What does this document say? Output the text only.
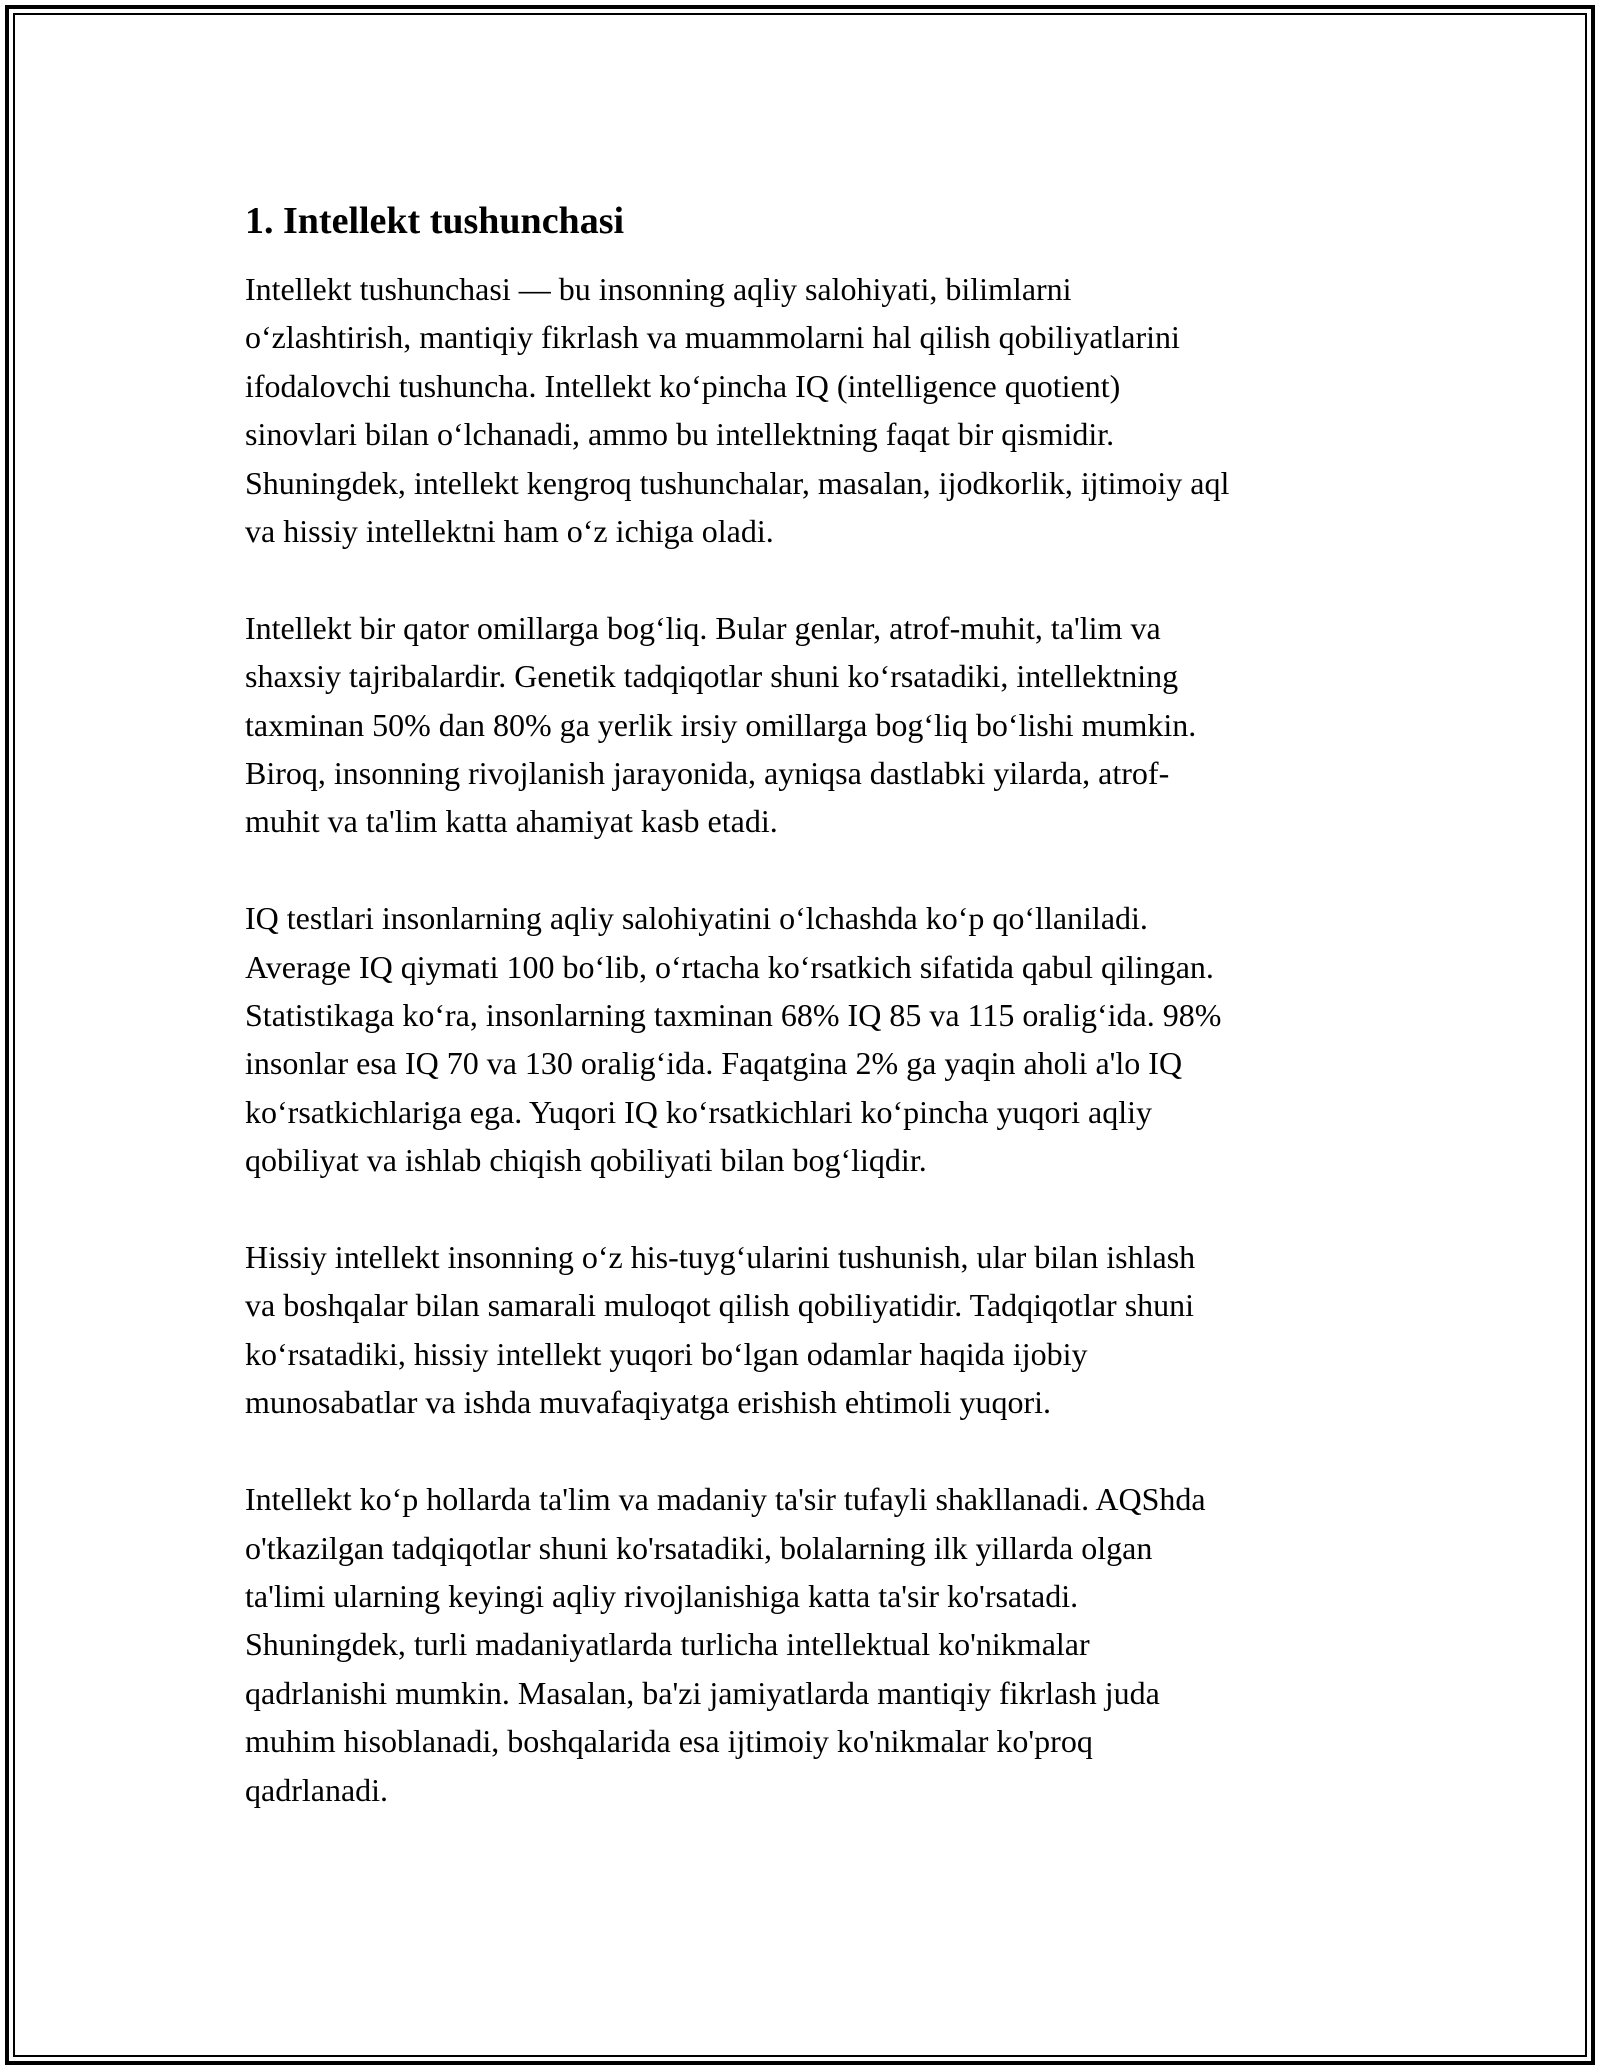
1. Intellekt tushunchasi

Intellekt tushunchasi — bu insonning aqliy salohiyati, bilimlarni
o‘zlashtirish, mantiqiy fikrlash va muammolarni hal qilish qobiliyatlarini
ifodalovchi tushuncha. Intellekt ko‘pincha IQ (intelligence quotient)
sinovlari bilan o‘lchanadi, ammo bu intellektning faqat bir qismidir.
Shuningdek, intellekt kengroq tushunchalar, masalan, ijodkorlik, ijtimoiy aql
va hissiy intellektni ham o‘z ichiga oladi.

Intellekt bir qator omillarga bog‘liq. Bular genlar, atrof-muhit, ta'lim va
shaxsiy tajribalardir. Genetik tadqiqotlar shuni ko‘rsatadiki, intellektning
taxminan 50% dan 80% ga yerlik irsiy omillarga bog‘liq bo‘lishi mumkin.
Biroq, insonning rivojlanish jarayonida, ayniqsa dastlabki yilarda, atrof-
muhit va ta'lim katta ahamiyat kasb etadi.

IQ testlari insonlarning aqliy salohiyatini o‘lchashda ko‘p qo‘llaniladi.
Average IQ qiymati 100 bo‘lib, o‘rtacha ko‘rsatkich sifatida qabul qilingan.
Statistikaga ko‘ra, insonlarning taxminan 68% IQ 85 va 115 oralig‘ida. 98%
insonlar esa IQ 70 va 130 oralig‘ida. Faqatgina 2% ga yaqin aholi a'lo IQ
ko‘rsatkichlariga ega. Yuqori IQ ko‘rsatkichlari ko‘pincha yuqori aqliy
qobiliyat va ishlab chiqish qobiliyati bilan bog‘liqdir.

Hissiy intellekt insonning o‘z his-tuyg‘ularini tushunish, ular bilan ishlash
va boshqalar bilan samarali muloqot qilish qobiliyatidir. Tadqiqotlar shuni
ko‘rsatadiki, hissiy intellekt yuqori bo‘lgan odamlar haqida ijobiy
munosabatlar va ishda muvafaqiyatga erishish ehtimoli yuqori.

Intellekt ko‘p hollarda ta'lim va madaniy ta'sir tufayli shakllanadi. AQShda
o'tkazilgan tadqiqotlar shuni ko'rsatadiki, bolalarning ilk yillarda olgan
ta'limi ularning keyingi aqliy rivojlanishiga katta ta'sir ko'rsatadi.
Shuningdek, turli madaniyatlarda turlicha intellektual ko'nikmalar
qadrlanishi mumkin. Masalan, ba'zi jamiyatlarda mantiqiy fikrlash juda
muhim hisoblanadi, boshqalarida esa ijtimoiy ko'nikmalar ko'proq
qadrlanadi.
